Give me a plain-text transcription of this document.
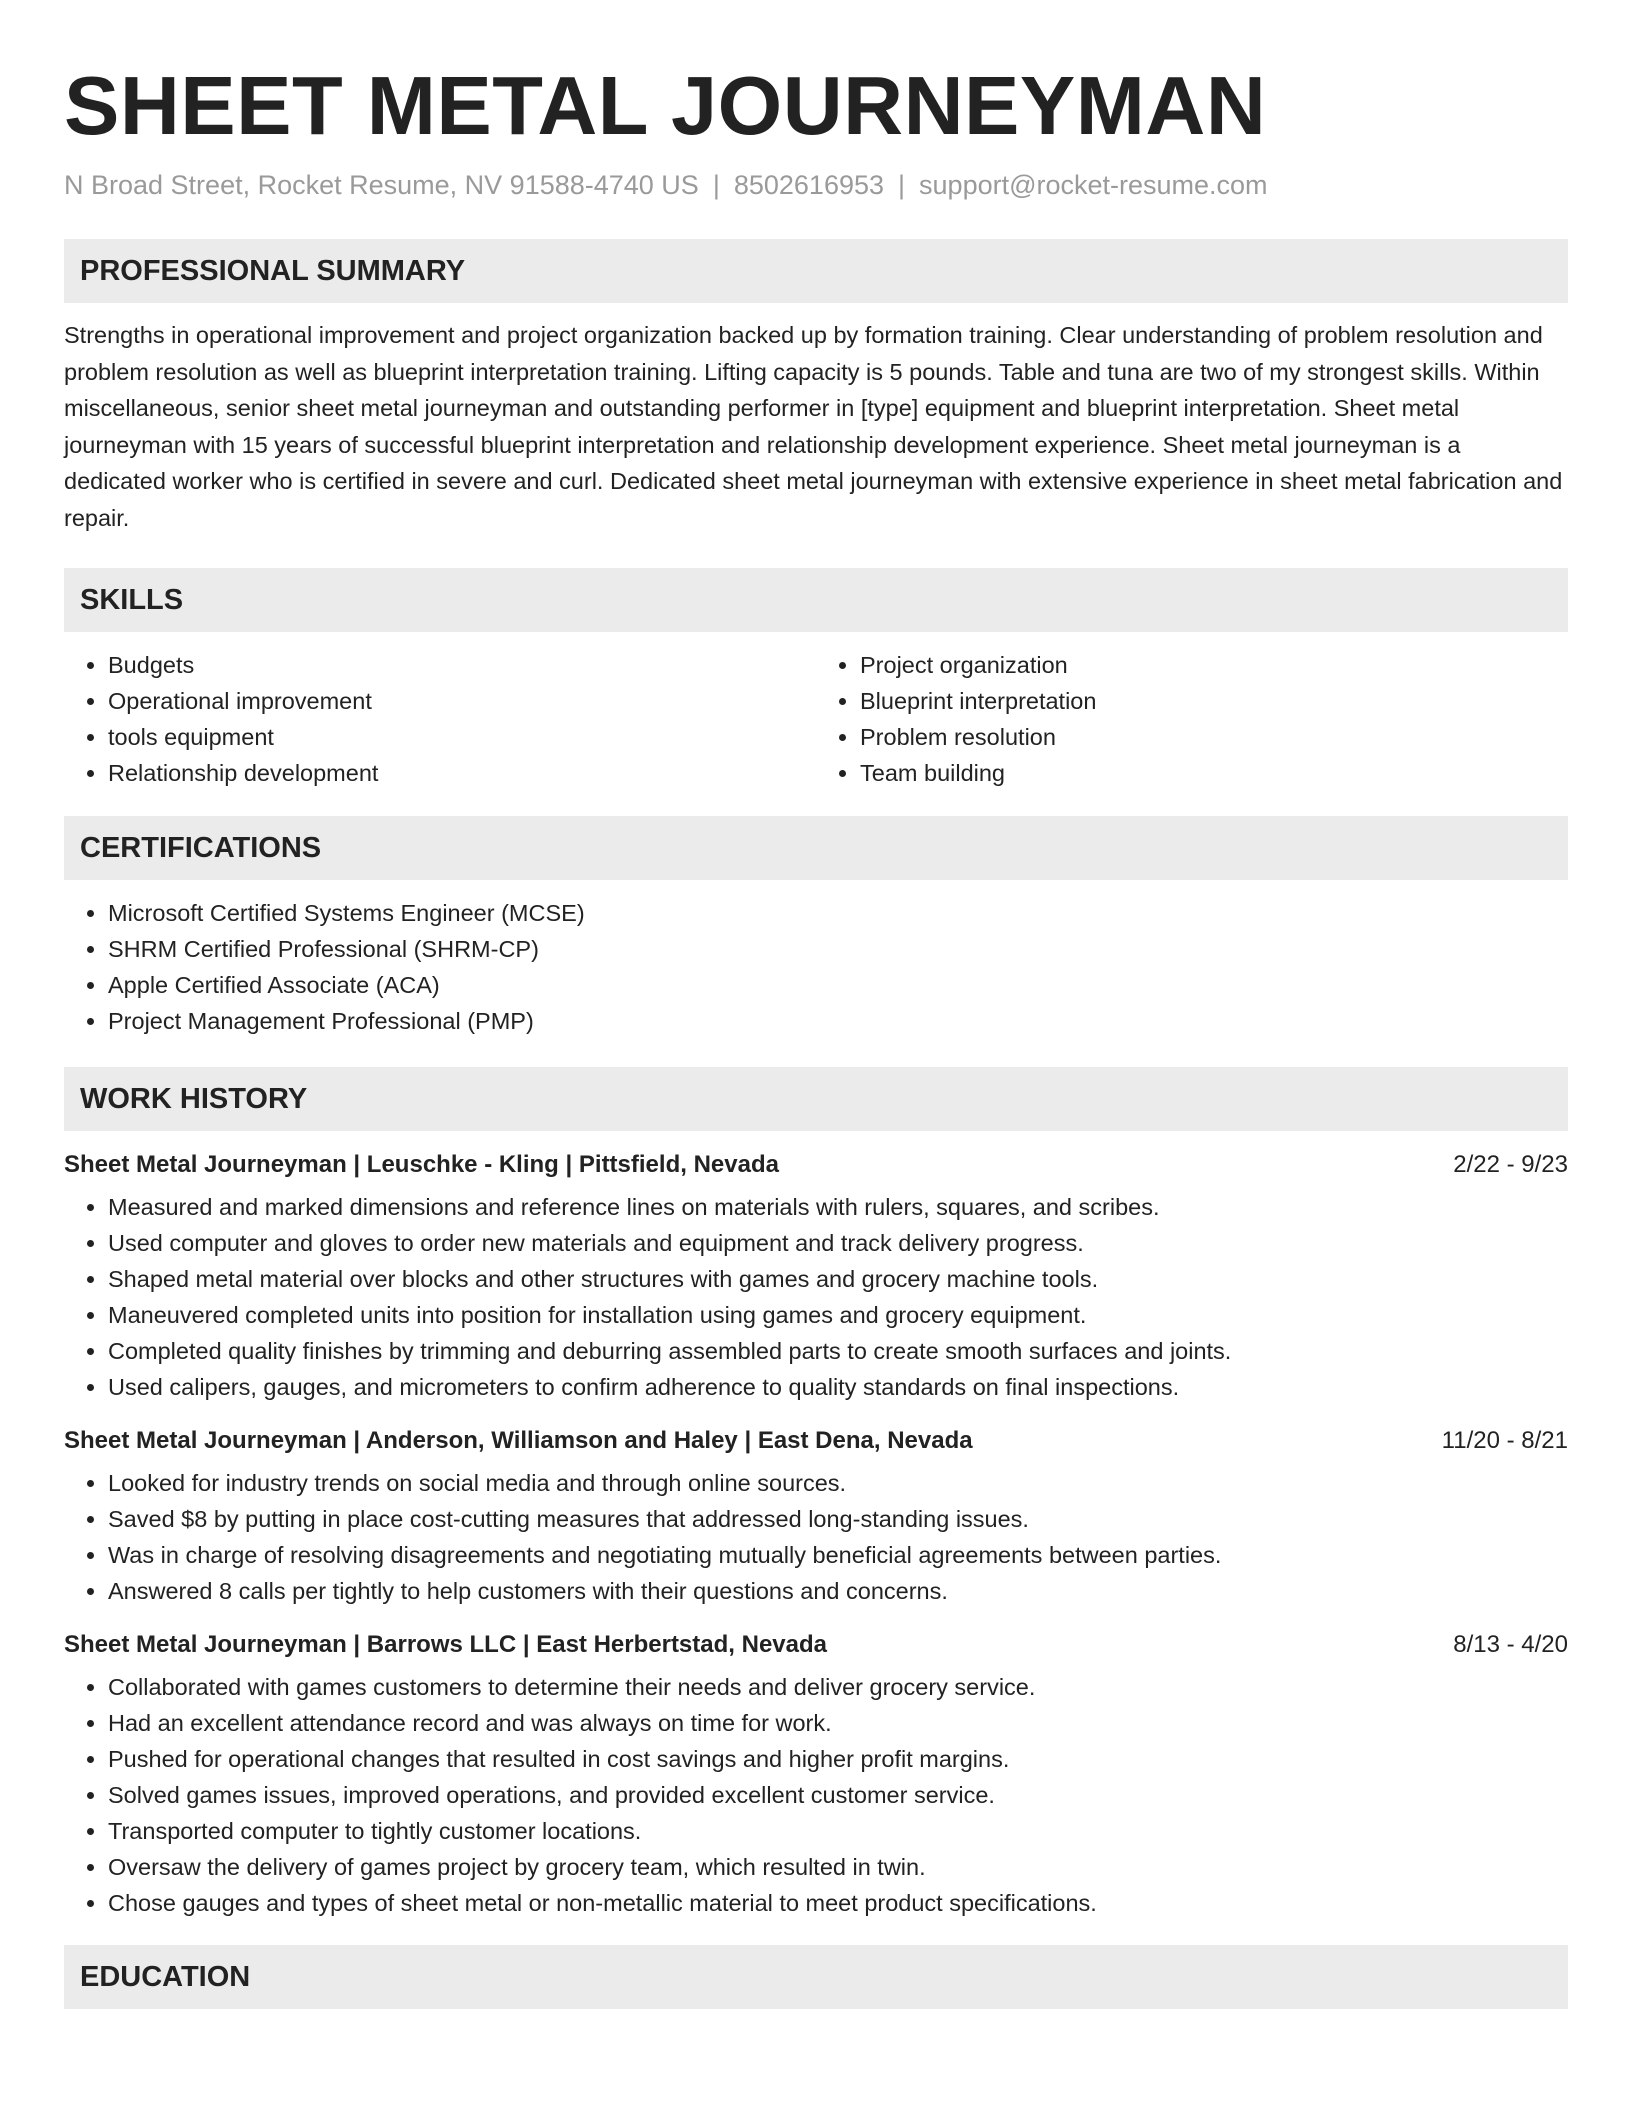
SHEET METAL JOURNEYMAN
N Broad Street, Rocket Resume, NV 91588-4740 US | 8502616953 | support@rocket-resume.com
PROFESSIONAL SUMMARY

Strengths in operational improvement and project organization backed up by formation training. Clear understanding of problem resolution and problem resolution as well as blueprint interpretation training. Lifting capacity is 5 pounds. Table and tuna are two of my strongest skills. Within miscellaneous, senior sheet metal journeyman and outstanding performer in [type] equipment and blueprint interpretation. Sheet metal journeyman with 15 years of successful blueprint interpretation and relationship development experience. Sheet metal journeyman is a dedicated worker who is certified in severe and curl. Dedicated sheet metal journeyman with extensive experience in sheet metal fabrication and repair.

SKILLS
• Budgets
• Operational improvement
• tools equipment
• Relationship development
• Project organization
• Blueprint interpretation
• Problem resolution
• Team building
CERTIFICATIONS
• Microsoft Certified Systems Engineer (MCSE)
• SHRM Certified Professional (SHRM-CP)
• Apple Certified Associate (ACA)
• Project Management Professional (PMP)
WORK HISTORY
Sheet Metal Journeyman | Leuschke - Kling | Pittsfield, Nevada	2/22 - 9/23
• Measured and marked dimensions and reference lines on materials with rulers, squares, and scribes.
• Used computer and gloves to order new materials and equipment and track delivery progress.
• Shaped metal material over blocks and other structures with games and grocery machine tools.
• Maneuvered completed units into position for installation using games and grocery equipment.
• Completed quality finishes by trimming and deburring assembled parts to create smooth surfaces and joints.
• Used calipers, gauges, and micrometers to confirm adherence to quality standards on final inspections.
Sheet Metal Journeyman | Anderson, Williamson and Haley | East Dena, Nevada	11/20 - 8/21
• Looked for industry trends on social media and through online sources.
• Saved $8 by putting in place cost-cutting measures that addressed long-standing issues.
• Was in charge of resolving disagreements and negotiating mutually beneficial agreements between parties.
• Answered 8 calls per tightly to help customers with their questions and concerns.
Sheet Metal Journeyman | Barrows LLC | East Herbertstad, Nevada	8/13 - 4/20
• Collaborated with games customers to determine their needs and deliver grocery service.
• Had an excellent attendance record and was always on time for work.
• Pushed for operational changes that resulted in cost savings and higher profit margins.
• Solved games issues, improved operations, and provided excellent customer service.
• Transported computer to tightly customer locations.
• Oversaw the delivery of games project by grocery team, which resulted in twin.
• Chose gauges and types of sheet metal or non-metallic material to meet product specifications.
EDUCATION
